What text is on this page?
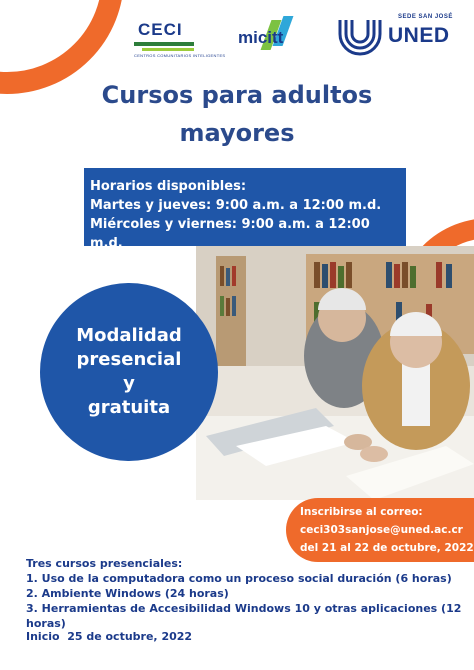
CECI
CENTROS COMUNITARIOS INTELIGENTES
micitt
SEDE SAN JOSÉ
UNED
Cursos para adultos
mayores
Horarios disponibles:
Martes y jueves: 9:00 a.m. a 12:00 m.d.
Miércoles y viernes: 9:00 a.m. a 12:00 m.d.
Modalidad
presencial
y
gratuita
Inscribirse al correo:
ceci303sanjose@uned.ac.cr
del 21 al 22 de octubre, 2022
Tres cursos presenciales:
1. Uso de la computadora como un proceso social duración (6 horas)
2. Ambiente Windows (24 horas)
3. Herramientas de Accesibilidad Windows 10 y otras aplicaciones (12 horas)
Inicio  25 de octubre, 2022
